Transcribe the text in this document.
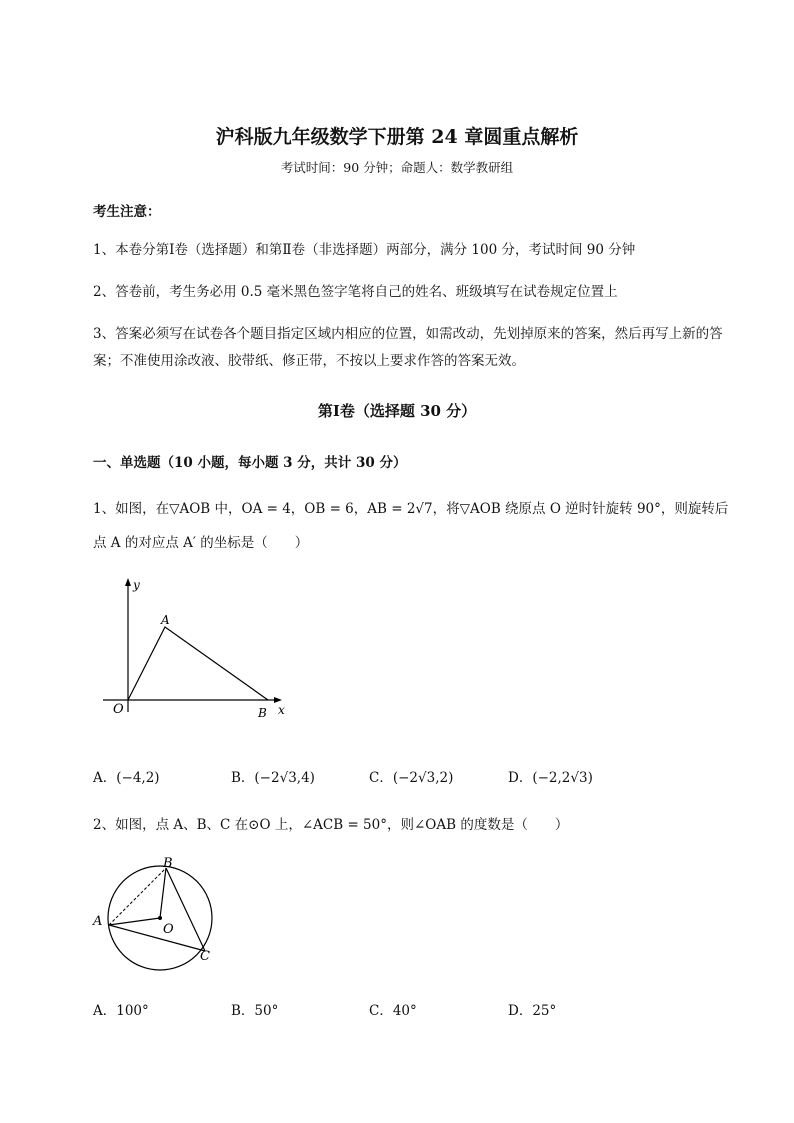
沪科版九年级数学下册第 24 章圆重点解析
考试时间：90 分钟；命题人：数学教研组
考生注意：
1、本卷分第Ⅰ卷（选择题）和第Ⅱ卷（非选择题）两部分，满分 100 分，考试时间 90 分钟
2、答卷前，考生务必用 0.5 毫米黑色签字笔将自己的姓名、班级填写在试卷规定位置上
3、答案必须写在试卷各个题目指定区域内相应的位置，如需改动，先划掉原来的答案，然后再写上新的答案；不准使用涂改液、胶带纸、修正带，不按以上要求作答的答案无效。
第Ⅰ卷（选择题 30 分）
一、单选题（10 小题，每小题 3 分，共计 30 分）
1、如图，在▽AOB 中，OA = 4，OB = 6，AB = 2√7，将▽AOB 绕原点 O 逆时针旋转 90°，则旋转后
点 A 的对应点 A′ 的坐标是（　　）
y
x
O
A
B
A．(−4,2)	B．(−2√3,4)	C．(−2√3,2)	D．(−2,2√3)
2、如图，点 A、B、C 在⊙O 上，∠ACB = 50°，则∠OAB 的度数是（　　）
A
B
C
O
A．100°	B．50°	C．40°	D．25°
